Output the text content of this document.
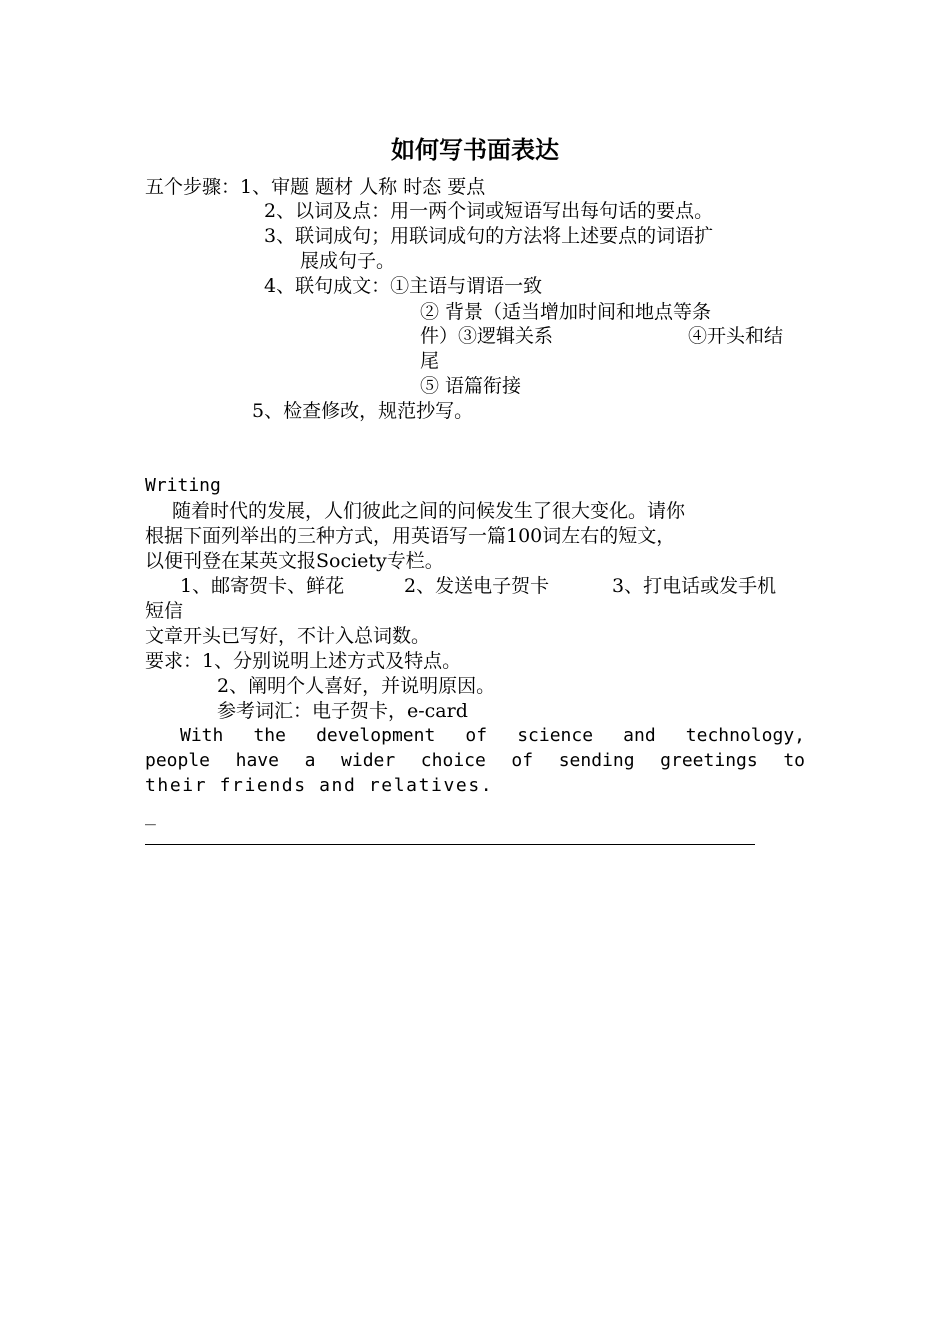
如何写书面表达
五个步骤：1、审题 题材 人称 时态 要点
2、以词及点：用一两个词或短语写出每句话的要点。
3、联词成句；用联词成句的方法将上述要点的词语扩
展成句子。
4、联句成文：①主语与谓语一致
② 背景（适当增加时间和地点等条
件）③逻辑关系	④开头和结
尾
⑤ 语篇衔接
5、检查修改，规范抄写。
Writing
随着时代的发展，人们彼此之间的问候发生了很大变化。请你
根据下面列举出的三种方式，用英语写一篇100词左右的短文，
以便刊登在某英文报Society专栏。
1、邮寄贺卡、鲜花	2、发送电子贺卡	3、打电话或发手机
短信
文章开头已写好，不计入总词数。
要求：1、分别说明上述方式及特点。
2、阐明个人喜好，并说明原因。
参考词汇：电子贺卡，e-card
With the development of science and technology,
people have a wider choice of sending greetings to
their friends and relatives.
_
